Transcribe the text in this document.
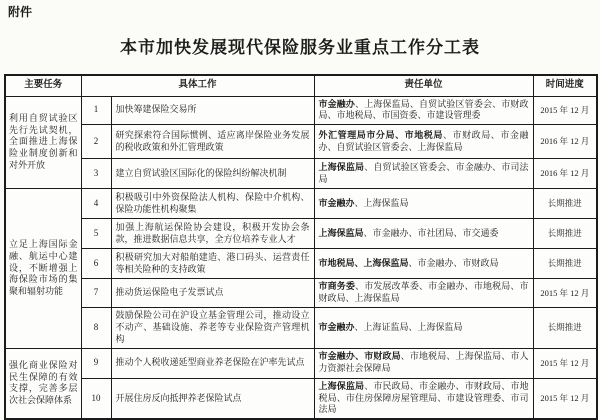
附件
本市加快发展现代保险服务业重点工作分工表
主要任务	具体工作		责任单位	时间进度
利用自贸试验区先行先试契机，全面推进上海保险业制度创新和对外开放	1	加快筹建保险交易所	市金融办、上海保监局、自贸试验区管委会、市财政局、市地税局、市国资委、市建设管理委	2015 年 12 月
	2	研究探索符合国际惯例、适应离岸保险业务发展的税收政策和外汇管理政策	外汇管理局市分局、市地税局、市财政局、市金融办、自贸试验区管委会、上海保监局	2016 年 12 月
	3	建立自贸试验区国际化的保险纠纷解决机制	上海保监局、自贸试验区管委会、市金融办、市司法局	2016 年 12 月
立足上海国际金融、航运中心建设，不断增强上海保险市场的集聚和辐射功能	4	积极吸引中外资保险法人机构、保险中介机构、保险功能性机构聚集	市金融办、上海保监局	长期推进
	5	加强上海航运保险协会建设，积极开发协会条款，推进数据信息共享，全方位培养专业人才	上海保监局、市金融办、市社团局、市交通委	长期推进
	6	积极研究加大对船舶建造、港口码头、运营责任等相关险种的支持政策	市地税局、上海保监局、市金融办、市财政局	长期推进
	7	推动货运保险电子发票试点	市商务委、市发展改革委、市金融办、市地税局、市财政局、上海保监局	2015 年 12 月
	8	鼓励保险公司在沪设立基金管理公司，推动设立不动产、基础设施、养老等专业保险资产管理机构	市金融办、上海证监局、上海保监局	长期推进
强化商业保险对民生保障的有效支撑，完善多层次社会保障体系	9	推动个人税收递延型商业养老保险在沪率先试点	市金融办、市财政局、市地税局、上海保监局、市人力资源社会保障局	2015 年 12 月
	10	开展住房反向抵押养老保险试点	上海保监局、市民政局、市金融办、市财政局、市地税局、市住房保障房屋管理局、市建设管理委、市司法局	2015 年 12 月
